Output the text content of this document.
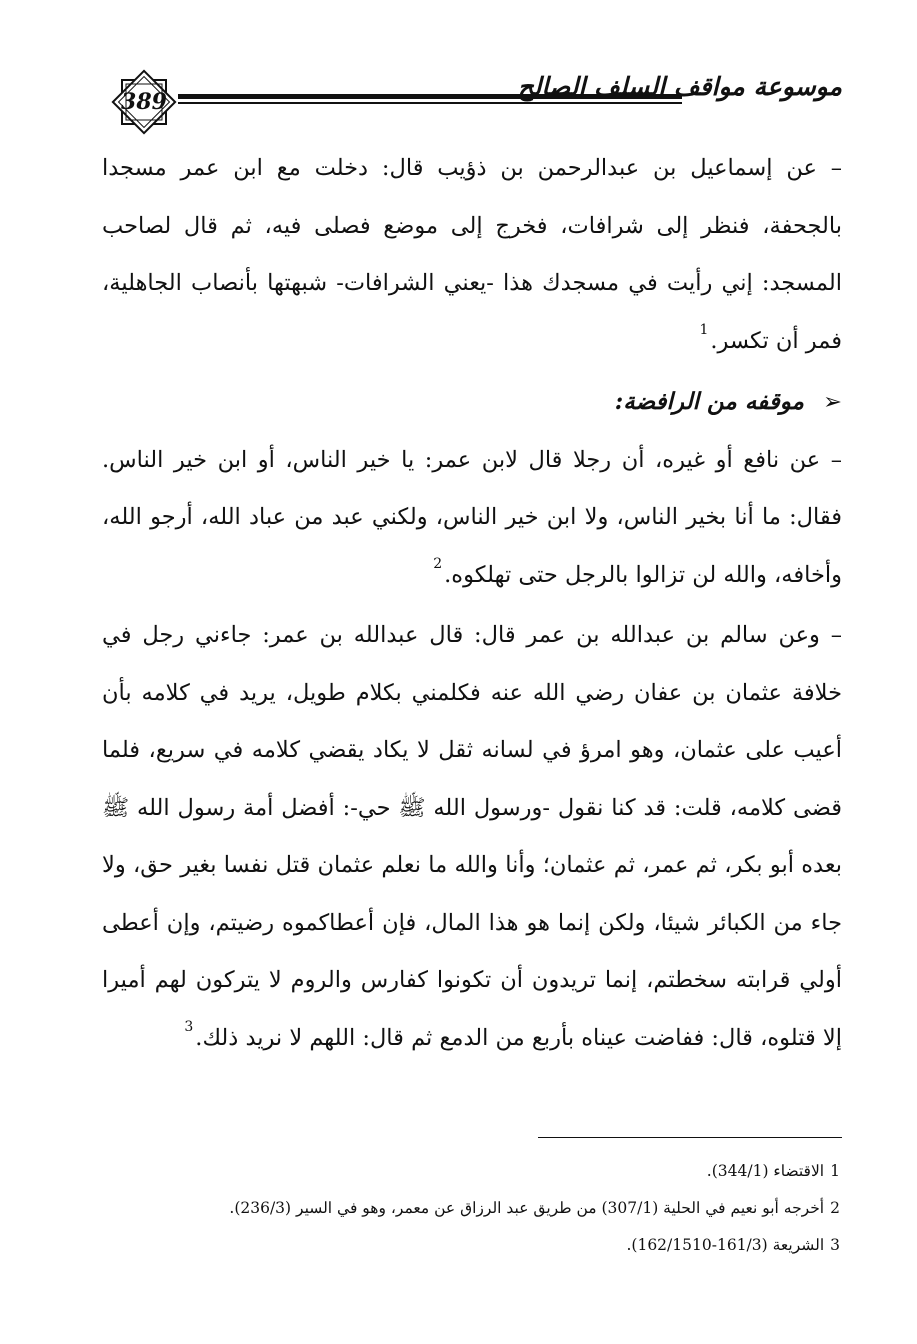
389
موسوعة مواقف السلف الصالح

– عن إسماعيل بن عبدالرحمن بن ذؤيب قال: دخلت مع ابن عمر مسجدا بالجحفة، فنظر إلى شرافات، فخرج إلى موضع فصلى فيه، ثم قال لصاحب المسجد: إني رأيت في مسجدك هذا -يعني الشرافات- شبهتها بأنصاب الجاهلية، فمر أن تكسر.$^1$

➢موقفه من الرافضة:

– عن نافع أو غيره، أن رجلا قال لابن عمر: يا خير الناس، أو ابن خير الناس. فقال: ما أنا بخير الناس، ولا ابن خير الناس، ولكني عبد من عباد الله، أرجو الله، وأخافه، والله لن تزالوا بالرجل حتى تهلكوه.$^2$

– وعن سالم بن عبدالله بن عمر قال: قال عبدالله بن عمر: جاءني رجل في خلافة عثمان بن عفان رضي الله عنه فكلمني بكلام طويل، يريد في كلامه بأن أعيب على عثمان، وهو امرؤ في لسانه ثقل لا يكاد يقضي كلامه في سريع، فلما قضى كلامه، قلت: قد كنا نقول -ورسول الله ﷺ حي-: أفضل أمة رسول الله ﷺ بعده أبو بكر، ثم عمر، ثم عثمان؛ وأنا والله ما نعلم عثمان قتل نفسا بغير حق، ولا جاء من الكبائر شيئا، ولكن إنما هو هذا المال، فإن أعطاكموه رضيتم، وإن أعطى أولي قرابته سخطتم، إنما تريدون أن تكونوا كفارس والروم لا يتركون لهم أميرا إلا قتلوه، قال: ففاضت عيناه بأربع من الدمع ثم قال: اللهم لا نريد ذلك.$^3$

1الاقتضاء (344/1).

2أخرجه أبو نعيم في الحلية (307/1) من طريق عبد الرزاق عن معمر، وهو في السير (236/3).

3الشريعة (161/3-162/1510).
